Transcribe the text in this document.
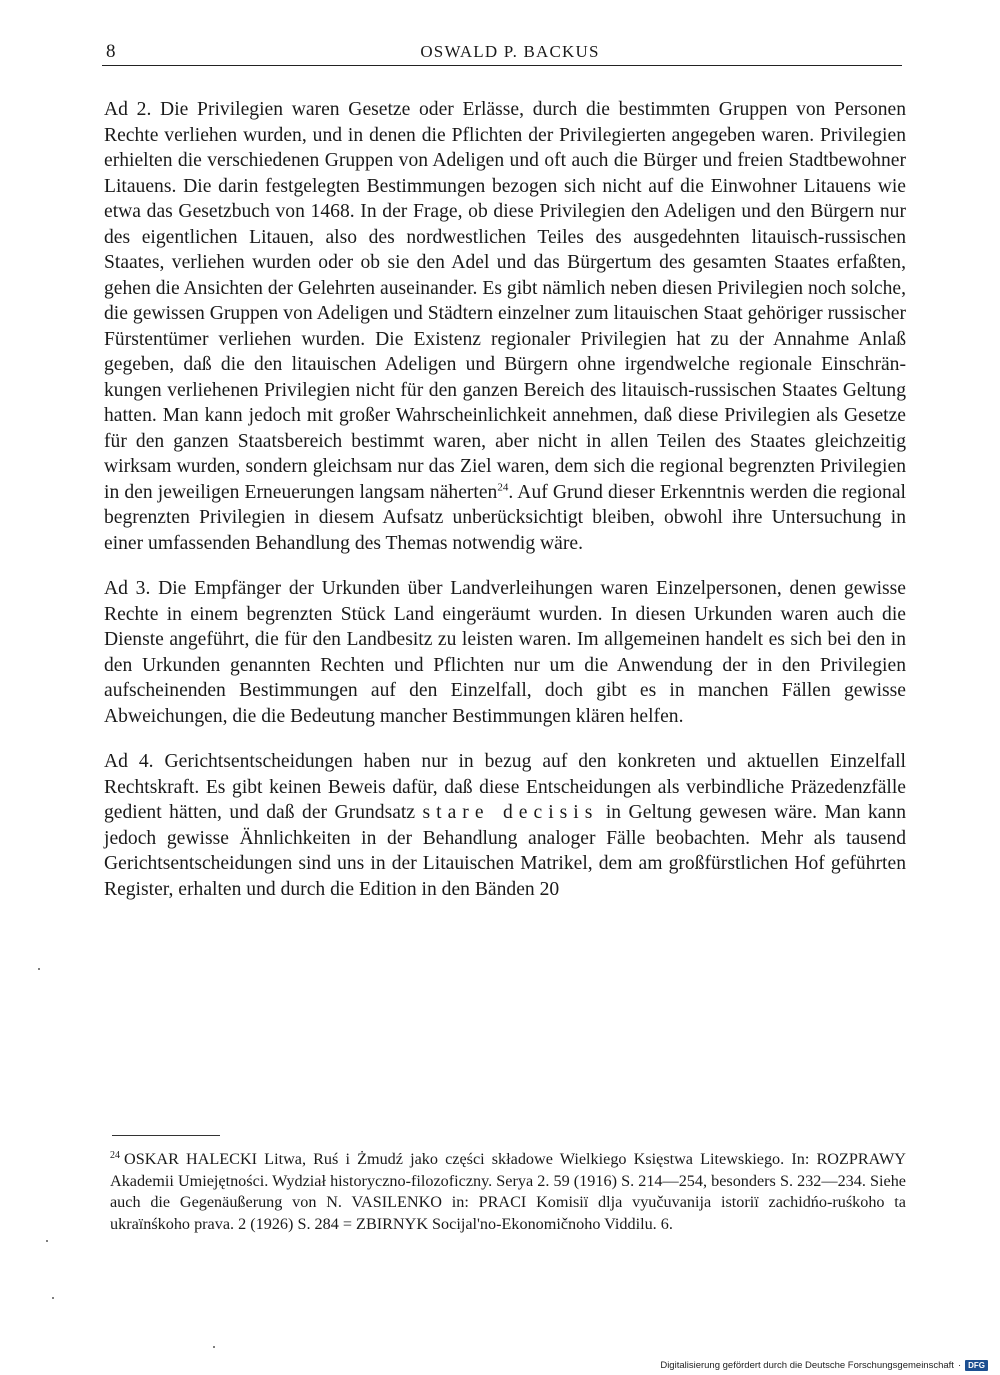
8	OSWALD P. BACKUS

Ad 2. Die Privilegien waren Gesetze oder Erlässe, durch die bestimmten Gruppen von Personen Rechte verliehen wurden, und in denen die Pflichten der Privilegierten angegeben waren. Privilegien erhielten die verschiedenen Gruppen von Adeligen und oft auch die Bürger und freien Stadtbewohner Litauens. Die darin festgelegten Bestimmungen bezogen sich nicht auf die Einwohner Litauens wie etwa das Gesetzbuch von 1468. In der Frage, ob diese Privilegien den Adeligen und den Bürgern nur des eigentlichen Litauen, also des nordwestlichen Teiles des ausgedehnten litauisch-russischen Staates, verliehen wurden oder ob sie den Adel und das Bürgertum des gesamten Staates erfaßten, gehen die Ansichten der Gelehrten auseinander. Es gibt nämlich neben diesen Privilegien noch solche, die gewissen Gruppen von Adeligen und Städtern einzelner zum litauischen Staat gehöriger russischer Fürstentümer verliehen wurden. Die Existenz regionaler Privilegien hat zu der Annahme Anlaß gegeben, daß die den litauischen Adeligen und Bürgern ohne irgendwelche regionale Einschränkungen verliehenen Privilegien nicht für den ganzen Bereich des litauisch-russischen Staates Geltung hatten. Man kann jedoch mit großer Wahrscheinlichkeit annehmen, daß diese Privilegien als Gesetze für den ganzen Staatsbereich bestimmt waren, aber nicht in allen Teilen des Staates gleichzeitig wirksam wurden, sondern gleichsam nur das Ziel waren, dem sich die regional begrenzten Privilegien in den jeweiligen Erneuerungen langsam näherten$^{24}$. Auf Grund dieser Erkenntnis werden die regional begrenzten Privilegien in diesem Aufsatz unberücksichtigt bleiben, obwohl ihre Untersuchung in einer umfassenden Behandlung des Themas notwendig wäre.

Ad 3. Die Empfänger der Urkunden über Landverleihungen waren Einzelpersonen, denen gewisse Rechte in einem begrenzten Stück Land eingeräumt wurden. In diesen Urkunden waren auch die Dienste angeführt, die für den Landbesitz zu leisten waren. Im allgemeinen handelt es sich bei den in den Urkunden genannten Rechten und Pflichten nur um die Anwendung der in den Privilegien aufscheinenden Bestimmungen auf den Einzelfall, doch gibt es in manchen Fällen gewisse Abweichungen, die die Bedeutung mancher Bestimmungen klären helfen.

Ad 4. Gerichtsentscheidungen haben nur in bezug auf den konkreten und aktuellen Einzelfall Rechtskraft. Es gibt keinen Beweis dafür, daß diese Entscheidungen als verbindliche Präzedenzfälle gedient hätten, und daß der Grundsatz stare decisis in Geltung gewesen wäre. Man kann jedoch gewisse Ähnlichkeiten in der Behandlung analoger Fälle beobachten. Mehr als tausend Gerichtsentscheidungen sind uns in der Litauischen Matrikel, dem am großfürstlichen Hof geführten Register, erhalten und durch die Edition in den Bänden 20

$^{24}$ OSKAR HALECKI Litwa, Ruś i Żmudź jako części składowe Wielkiego Księstwa Litewskiego. In: ROZPRAWY Akademii Umiejętności. Wydział historyczno-filozoficzny. Serya 2. 59 (1916) S. 214—254, besonders S. 232—234. Siehe auch die Gegenäußerung von N. VASILENKO in: PRACI Komisiï dlja vyučuvanija istoriï zachidńo-ruśkoho ta ukraïnśkoho prava. 2 (1926) S. 284 = ZBIRNYK Socijal'no-Ekonomičnoho Viddilu. 6.

Digitalisierung gefördert durch die Deutsche Forschungsgemeinschaft · DFG
